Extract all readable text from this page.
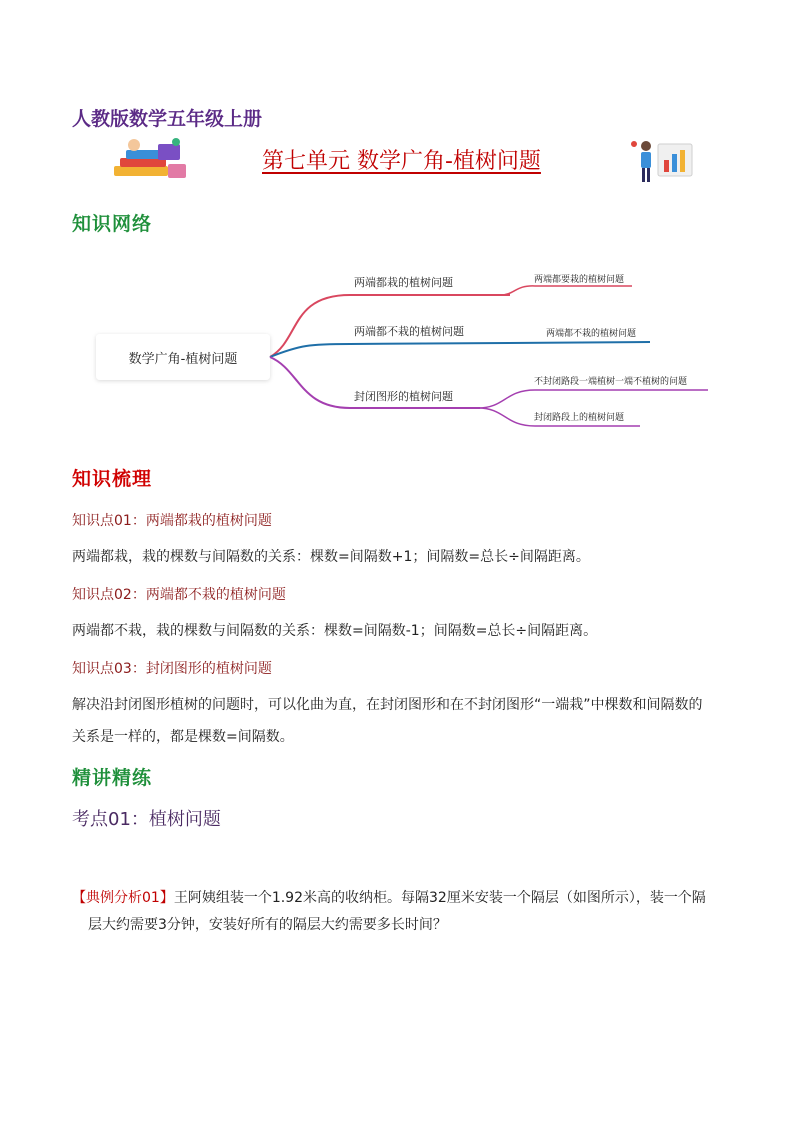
人教版数学五年级上册
第七单元 数学广角-植树问题
知识网络
数学广角-植树问题
两端都栽的植树问题	两端都要栽的植树问题
两端都不栽的植树问题	两端都不栽的植树问题
封闭图形的植树问题
不封闭路段一端植树一端不植树的问题
封闭路段上的植树问题
知识梳理
知识点01：两端都栽的植树问题
两端都栽，栽的棵数与间隔数的关系：棵数=间隔数+1；间隔数=总长÷间隔距离。
知识点02：两端都不栽的植树问题
两端都不栽，栽的棵数与间隔数的关系：棵数=间隔数-1；间隔数=总长÷间隔距离。
知识点03：封闭图形的植树问题
解决沿封闭图形植树的问题时，可以化曲为直，在封闭图形和在不封闭图形“一端栽”中棵数和间隔数的
关系是一样的，都是棵数=间隔数。
精讲精练
考点01：植树问题
【典例分析01】王阿姨组装一个1.92米高的收纳柜。每隔32厘米安装一个隔层（如图所示），装一个隔
层大约需要3分钟，安装好所有的隔层大约需要多长时间？
